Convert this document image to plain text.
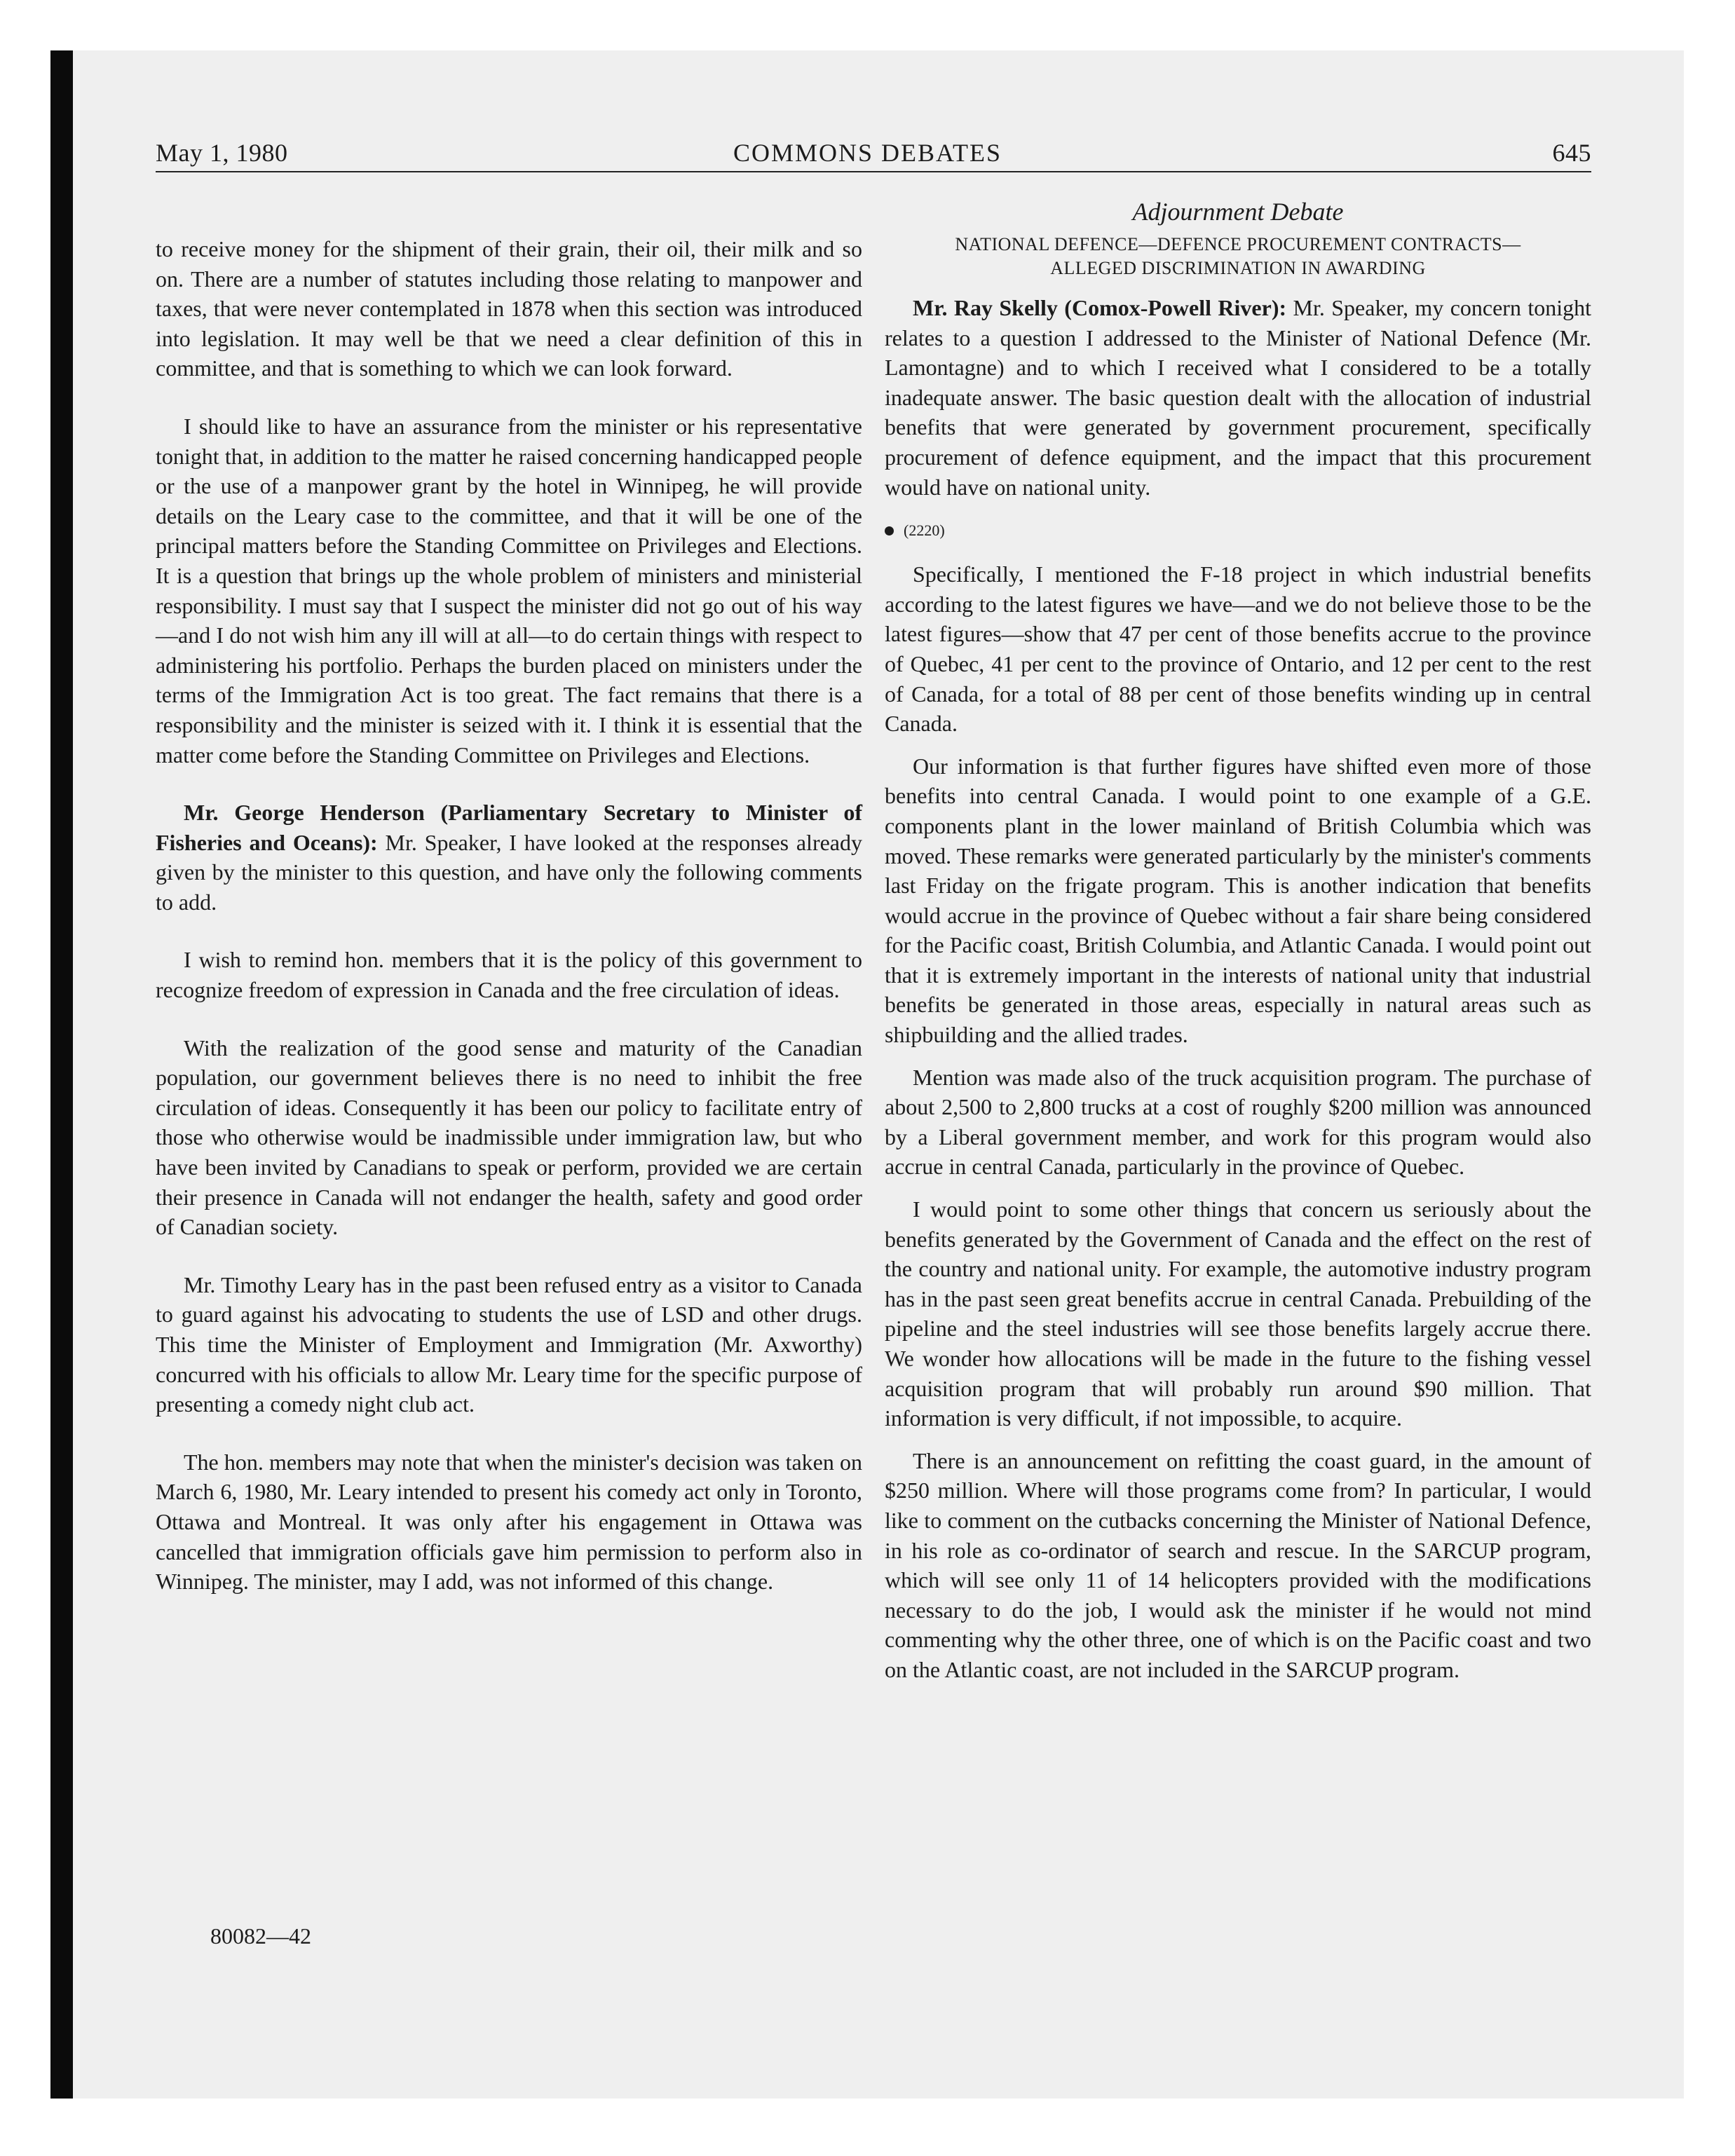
May 1, 1980	COMMONS DEBATES	645

to receive money for the shipment of their grain, their oil, their milk and so on. There are a number of statutes including those relating to manpower and taxes, that were never contemplated in 1878 when this section was introduced into legislation. It may well be that we need a clear definition of this in committee, and that is something to which we can look forward.

I should like to have an assurance from the minister or his representative tonight that, in addition to the matter he raised concerning handicapped people or the use of a manpower grant by the hotel in Winnipeg, he will provide details on the Leary case to the committee, and that it will be one of the principal matters before the Standing Committee on Privileges and Elections. It is a question that brings up the whole problem of ministers and ministerial responsibility. I must say that I suspect the minister did not go out of his way—and I do not wish him any ill will at all—to do certain things with respect to administering his portfolio. Perhaps the burden placed on ministers under the terms of the Immigration Act is too great. The fact remains that there is a responsibility and the minister is seized with it. I think it is essential that the matter come before the Standing Committee on Privileges and Elections.

Mr. George Henderson (Parliamentary Secretary to Minister of Fisheries and Oceans): Mr. Speaker, I have looked at the responses already given by the minister to this question, and have only the following comments to add.

I wish to remind hon. members that it is the policy of this government to recognize freedom of expression in Canada and the free circulation of ideas.

With the realization of the good sense and maturity of the Canadian population, our government believes there is no need to inhibit the free circulation of ideas. Consequently it has been our policy to facilitate entry of those who otherwise would be inadmissible under immigration law, but who have been invited by Canadians to speak or perform, provided we are certain their presence in Canada will not endanger the health, safety and good order of Canadian society.

Mr. Timothy Leary has in the past been refused entry as a visitor to Canada to guard against his advocating to students the use of LSD and other drugs. This time the Minister of Employment and Immigration (Mr. Axworthy) concurred with his officials to allow Mr. Leary time for the specific purpose of presenting a comedy night club act.

The hon. members may note that when the minister's decision was taken on March 6, 1980, Mr. Leary intended to present his comedy act only in Toronto, Ottawa and Montreal. It was only after his engagement in Ottawa was cancelled that immigration officials gave him permission to perform also in Winnipeg. The minister, may I add, was not informed of this change.

Adjournment Debate
NATIONAL DEFENCE—DEFENCE PROCUREMENT CONTRACTS—
ALLEGED DISCRIMINATION IN AWARDING

Mr. Ray Skelly (Comox-Powell River): Mr. Speaker, my concern tonight relates to a question I addressed to the Minister of National Defence (Mr. Lamontagne) and to which I received what I considered to be a totally inadequate answer. The basic question dealt with the allocation of industrial benefits that were generated by government procurement, specifically procurement of defence equipment, and the impact that this procurement would have on national unity.

(2220)

Specifically, I mentioned the F-18 project in which industrial benefits according to the latest figures we have—and we do not believe those to be the latest figures—show that 47 per cent of those benefits accrue to the province of Quebec, 41 per cent to the province of Ontario, and 12 per cent to the rest of Canada, for a total of 88 per cent of those benefits winding up in central Canada.

Our information is that further figures have shifted even more of those benefits into central Canada. I would point to one example of a G.E. components plant in the lower mainland of British Columbia which was moved. These remarks were generated particularly by the minister's comments last Friday on the frigate program. This is another indication that benefits would accrue in the province of Quebec without a fair share being considered for the Pacific coast, British Columbia, and Atlantic Canada. I would point out that it is extremely important in the interests of national unity that industrial benefits be generated in those areas, especially in natural areas such as shipbuilding and the allied trades.

Mention was made also of the truck acquisition program. The purchase of about 2,500 to 2,800 trucks at a cost of roughly $200 million was announced by a Liberal government member, and work for this program would also accrue in central Canada, particularly in the province of Quebec.

I would point to some other things that concern us seriously about the benefits generated by the Government of Canada and the effect on the rest of the country and national unity. For example, the automotive industry program has in the past seen great benefits accrue in central Canada. Prebuilding of the pipeline and the steel industries will see those benefits largely accrue there. We wonder how allocations will be made in the future to the fishing vessel acquisition program that will probably run around $90 million. That information is very difficult, if not impossible, to acquire.

There is an announcement on refitting the coast guard, in the amount of $250 million. Where will those programs come from? In particular, I would like to comment on the cutbacks concerning the Minister of National Defence, in his role as co-ordinator of search and rescue. In the SARCUP program, which will see only 11 of 14 helicopters provided with the modifications necessary to do the job, I would ask the minister if he would not mind commenting why the other three, one of which is on the Pacific coast and two on the Atlantic coast, are not included in the SARCUP program.

80082—42
